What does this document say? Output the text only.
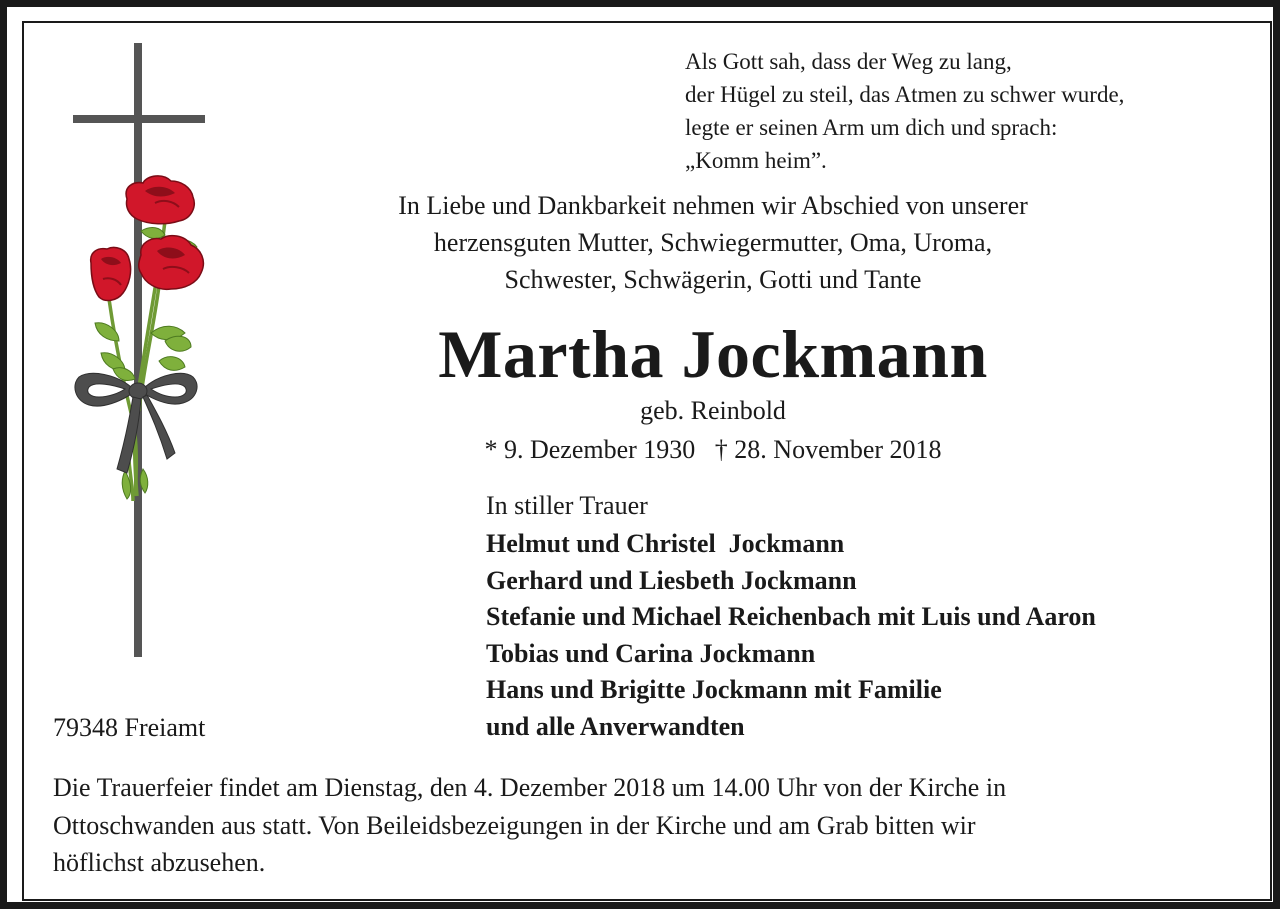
Als Gott sah, dass der Weg zu lang,
der Hügel zu steil, das Atmen zu schwer wurde,
legte er seinen Arm um dich und sprach:
„Komm heim”.
In Liebe und Dankbarkeit nehmen wir Abschied von unserer
herzensguten Mutter, Schwiegermutter, Oma, Uroma,
Schwester, Schwägerin, Gotti und Tante
Martha Jockmann
geb. Reinbold
* 9. Dezember 1930   † 28. November 2018
In stiller Trauer
Helmut und Christel  Jockmann
Gerhard und Liesbeth Jockmann
Stefanie und Michael Reichenbach mit Luis und Aaron
Tobias und Carina Jockmann
Hans und Brigitte Jockmann mit Familie
und alle Anverwandten
79348 Freiamt
Die Trauerfeier findet am Dienstag, den 4. Dezember 2018 um 14.00 Uhr von der Kirche in
Ottoschwanden aus statt. Von Beileidsbezeigungen in der Kirche und am Grab bitten wir
höflichst abzusehen.
